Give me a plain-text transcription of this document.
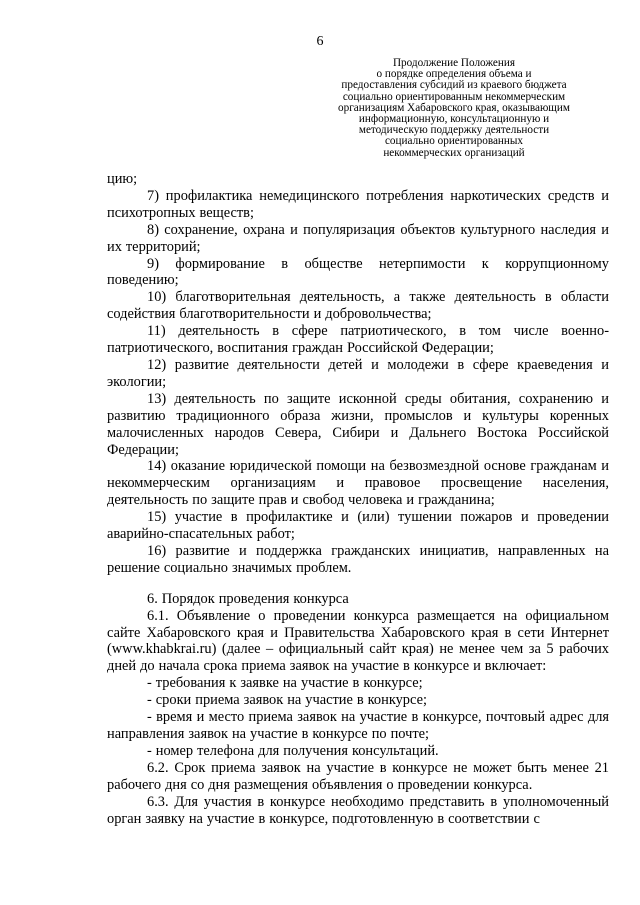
6
Продолжение Положения
о порядке определения объема и
предоставления субсидий из краевого бюджета
социально ориентированным некоммерческим
организациям Хабаровского края, оказывающим
информационную, консультационную и
методическую поддержку деятельности
социально ориентированных
некоммерческих организаций

цию;

7) профилактика немедицинского потребления наркотических средств и психотропных веществ;

8) сохранение, охрана и популяризация объектов культурного наследия и их территорий;

9) формирование в обществе нетерпимости к коррупционному поведению;

10) благотворительная деятельность, а также деятельность в области содействия благотворительности и добровольчества;

11) деятельность в сфере патриотического, в том числе военно-патриотического, воспитания граждан Российской Федерации;

12) развитие деятельности детей и молодежи в сфере краеведения и экологии;

13) деятельность по защите исконной среды обитания, сохранению и развитию традиционного образа жизни, промыслов и культуры коренных малочисленных народов Севера, Сибири и Дальнего Востока Российской Федерации;

14) оказание юридической помощи на безвозмездной основе гражданам и некоммерческим организациям и правовое просвещение населения, деятельность по защите прав и свобод человека и гражданина;

15) участие в профилактике и (или) тушении пожаров и проведении аварийно-спасательных работ;

16) развитие и поддержка гражданских инициатив, направленных на решение социально значимых проблем.

6. Порядок проведения конкурса

6.1. Объявление о проведении конкурса размещается на официальном сайте Хабаровского края и Правительства Хабаровского края в сети Интернет (www.khabkrai.ru) (далее – официальный сайт края) не менее чем за 5 рабочих дней до начала срока приема заявок на участие в конкурсе и включает:

- требования к заявке на участие в конкурсе;

- сроки приема заявок на участие в конкурсе;

- время и место приема заявок на участие в конкурсе, почтовый адрес для направления заявок на участие в конкурсе по почте;

- номер телефона для получения консультаций.

6.2. Срок приема заявок на участие в конкурсе не может быть менее 21 рабочего дня со дня размещения объявления о проведении конкурса.

6.3. Для участия в конкурсе необходимо представить в уполномоченный орган заявку на участие в конкурсе, подготовленную в соответствии с
